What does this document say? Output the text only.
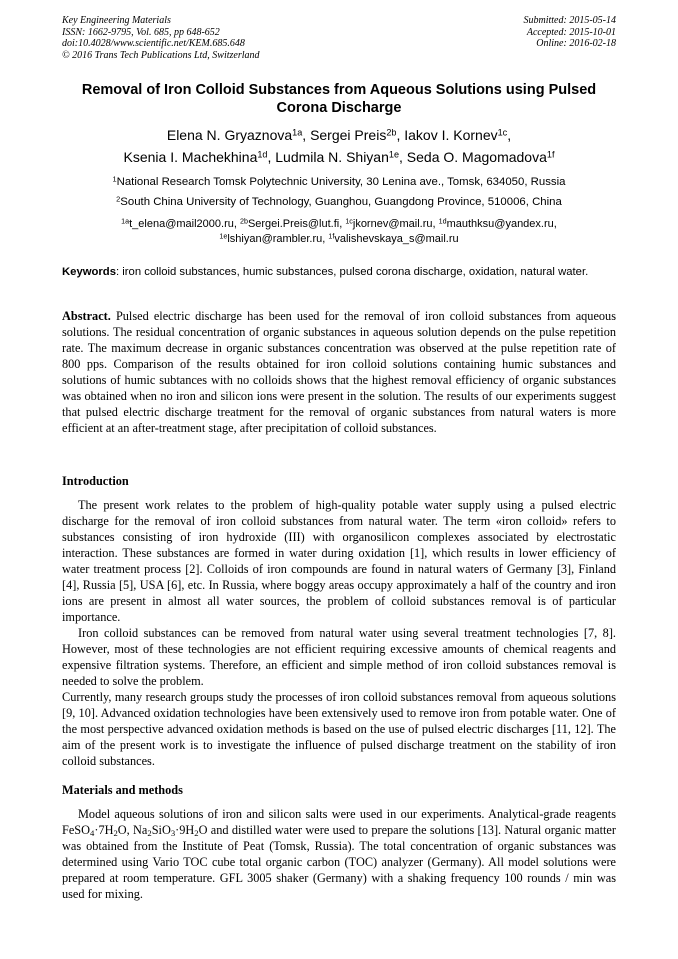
Key Engineering Materials
ISSN: 1662-9795, Vol. 685, pp 648-652
doi:10.4028/www.scientific.net/KEM.685.648
© 2016 Trans Tech Publications Ltd, Switzerland
Submitted: 2015-05-14
Accepted: 2015-10-01
Online: 2016-02-18
Removal of Iron Colloid Substances from Aqueous Solutions using Pulsed Corona Discharge
Elena N. Gryaznova$^{1a}$, Sergei Preis$^{2b}$, Iakov I. Kornev$^{1c}$,
Ksenia I. Machekhina$^{1d}$, Ludmila N. Shiyan$^{1e}$, Seda O. Magomadova$^{1f}$
$^1$National Research Tomsk Polytechnic University, 30 Lenina ave., Tomsk, 634050, Russia
$^2$South China University of Technology, Guanghou, Guangdong Province, 510006, China
$^{1a}$t_elena@mail2000.ru, $^{2b}$Sergei.Preis@lut.fi, $^{1c}$jkornev@mail.ru, $^{1d}$mauthksu@yandex.ru,
$^{1e}$lshiyan@rambler.ru, $^{1f}$valishevskaya_s@mail.ru
Keywords: iron colloid substances, humic substances, pulsed corona discharge, oxidation, natural water.
Abstract. Pulsed electric discharge has been used for the removal of iron colloid substances from aqueous solutions. The residual concentration of organic substances in aqueous solution depends on the pulse repetition rate. The maximum decrease in organic substances concentration was observed at the pulse repetition rate of 800 pps. Comparison of the results obtained for iron colloid solutions containing humic substances and solutions of humic subtances with no colloids shows that the highest removal efficiency of organic substances was obtained when no iron and silicon ions were present in the solution. The results of our experiments suggest that pulsed electric discharge treatment for the removal of organic substances from natural waters is more efficient at an after-treatment stage, after precipitation of colloid substances.
Introduction

The present work relates to the problem of high-quality potable water supply using a pulsed electric discharge for the removal of iron colloid substances from natural water. The term «iron colloid» refers to substances consisting of iron hydroxide (III) with organosilicon complexes associated by electrostatic interaction. These substances are formed in water during oxidation [1], which results in lower efficiency of water treatment process [2]. Colloids of iron compounds are found in natural waters of Germany [3], Finland [4], Russia [5], USA [6], etc. In Russia, where boggy areas occupy approximately a half of the country and iron ions are present in almost all water sources, the problem of colloid substances removal is of particular importance.

Iron colloid substances can be removed from natural water using several treatment technologies [7, 8]. However, most of these technologies are not efficient requiring excessive amounts of chemical reagents and expensive filtration systems. Therefore, an efficient and simple method of iron colloid substances removal is needed to solve the problem.

Currently, many research groups study the processes of iron colloid substances removal from aqueous solutions [9, 10]. Advanced oxidation technologies have been extensively used to remove iron from potable water. One of the most perspective advanced oxidation methods is based on the use of pulsed electric discharges [11, 12]. The aim of the present work is to investigate the influence of pulsed discharge treatment on the stability of iron colloid substances.

Materials and methods

Model aqueous solutions of iron and silicon salts were used in our experiments. Analytical-grade reagents $FeSO_4\cdot 7H_2O$, $Na_2SiO_3\cdot 9H_2O$ and distilled water were used to prepare the solutions [13]. Natural organic matter was obtained from the Institute of Peat (Tomsk, Russia). The total concentration of organic substances was determined using Vario TOC cube total organic carbon (TOC) analyzer (Germany). All model solutions were prepared at room temperature. GFL 3005 shaker (Germany) with a shaking frequency 100 rounds / min was used for mixing.
